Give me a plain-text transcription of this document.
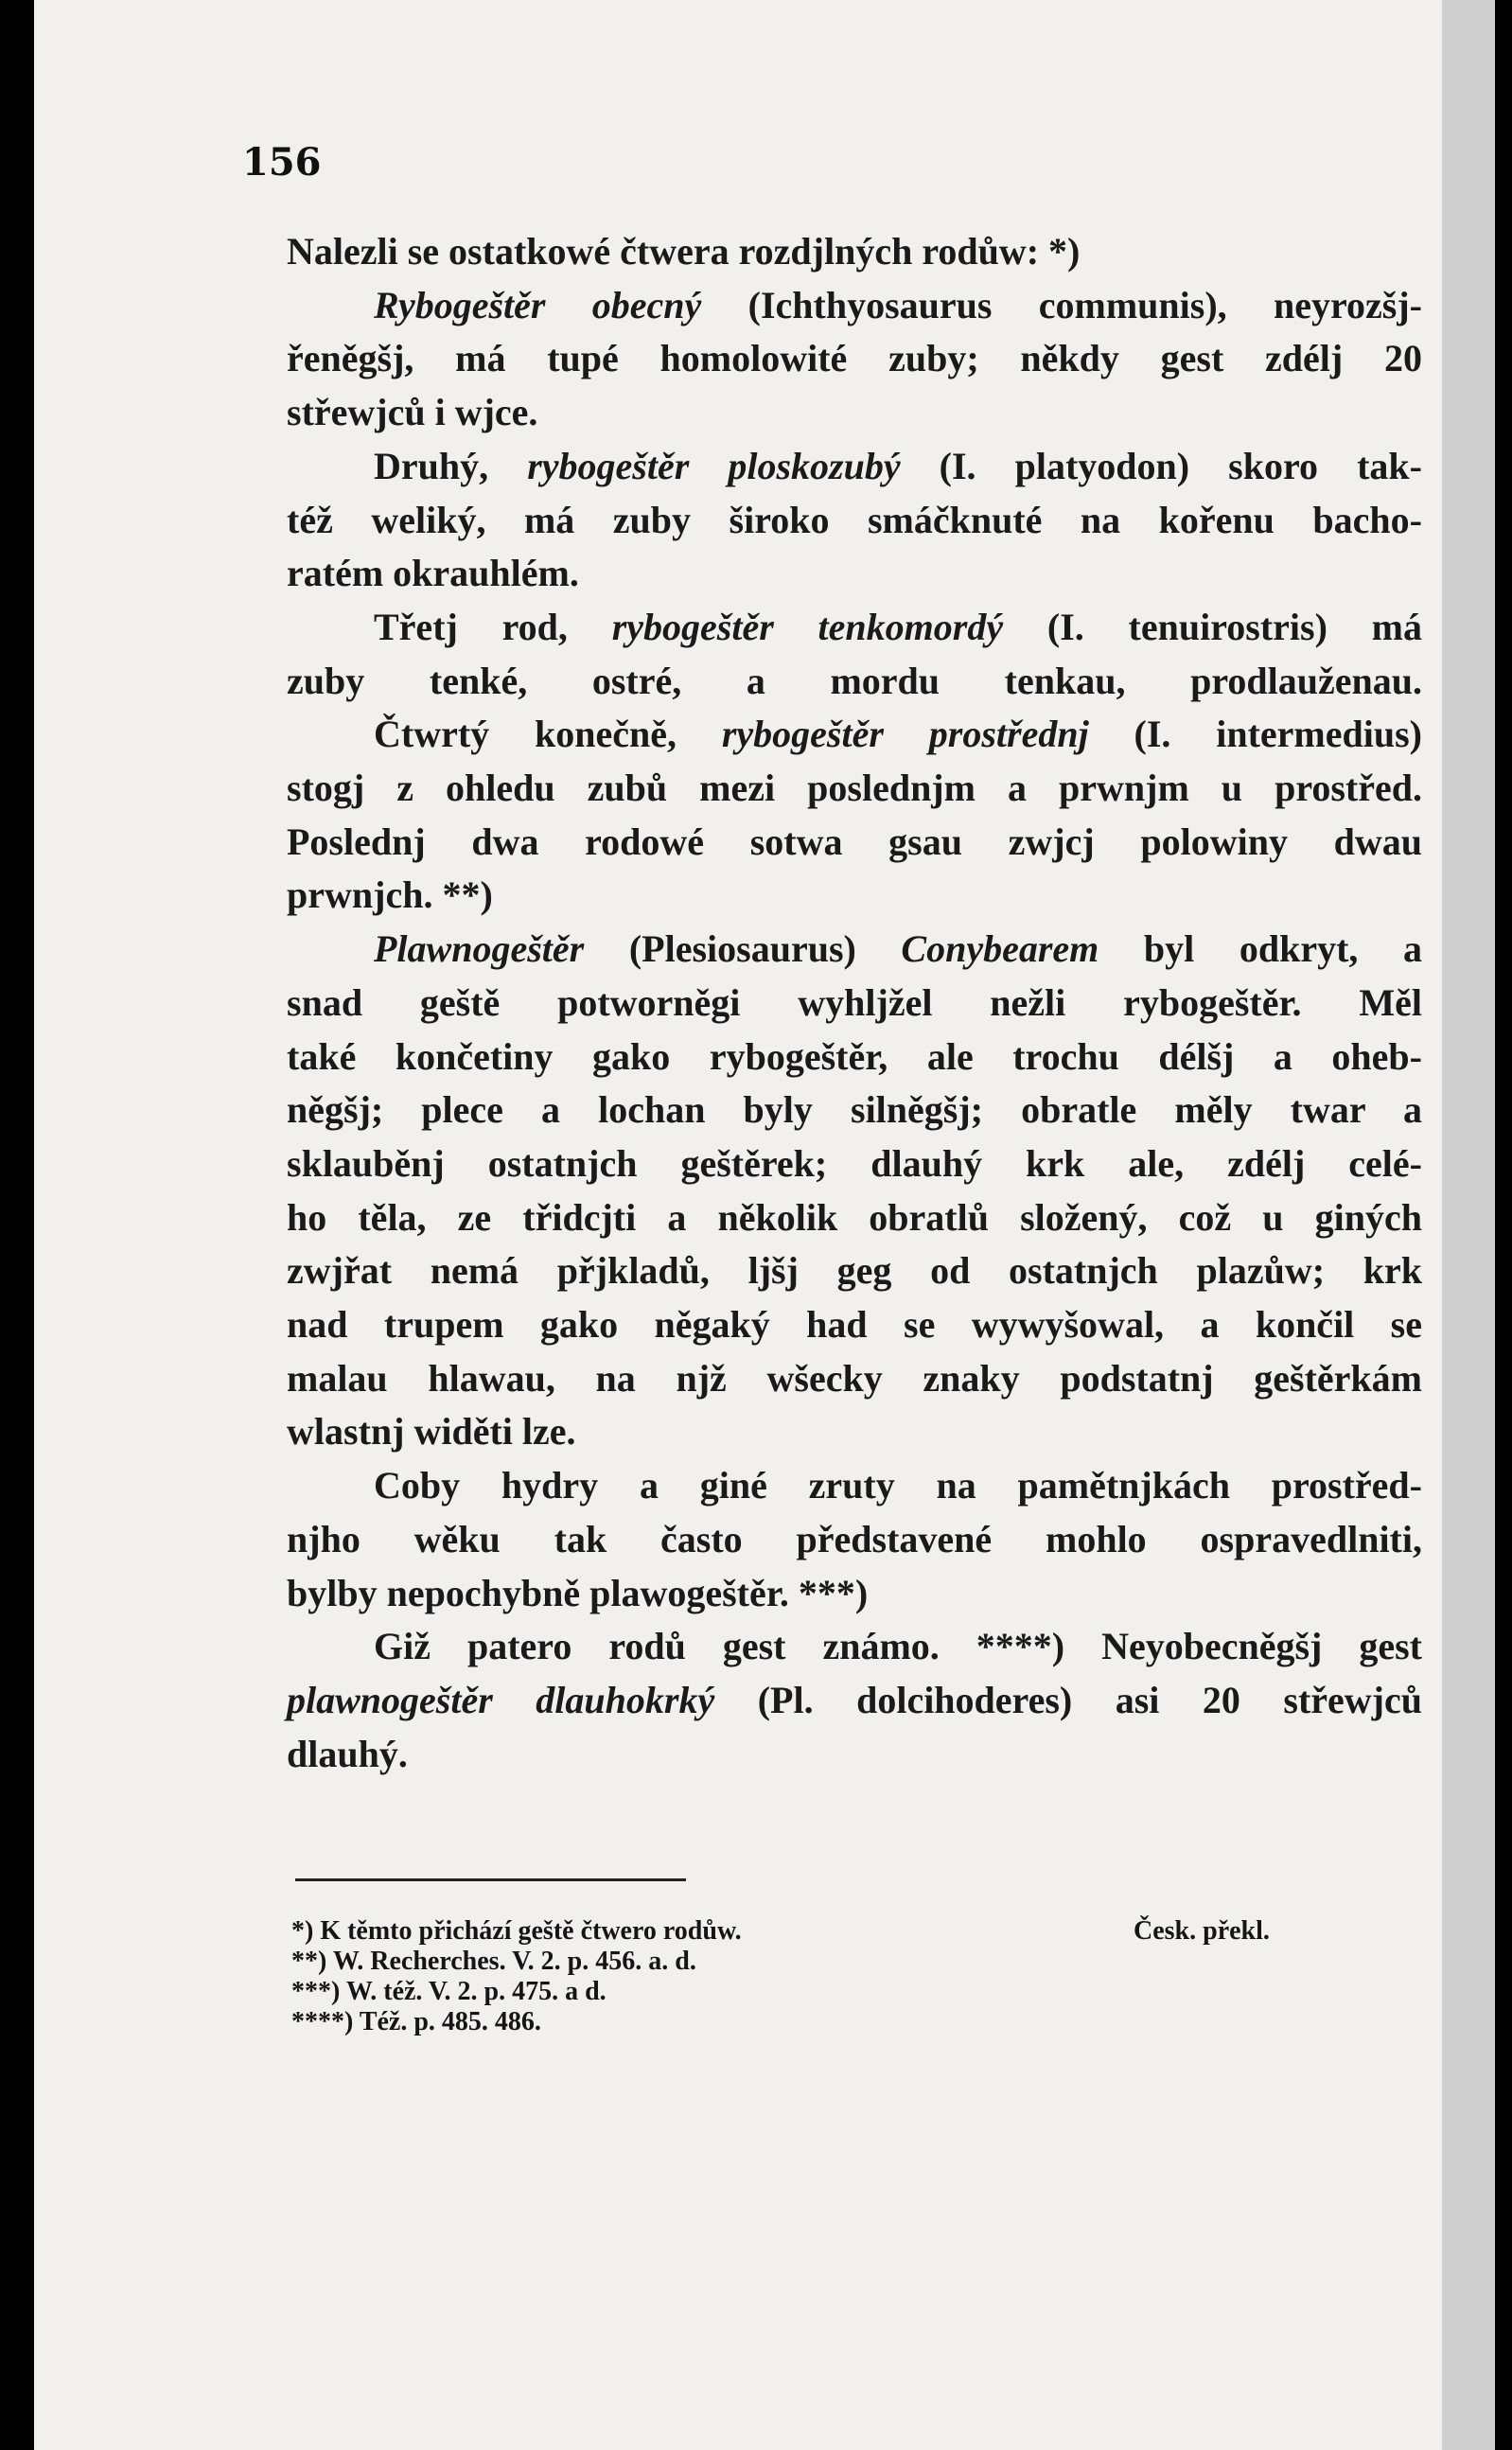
156
Nalezli se ostatkowé čtwera rozdjlných rodůw: *)
Rybogeštěr obecný (Ichthyosaurus communis), neyrozšj-
řeněgšj, má tupé homolowité zuby; někdy gest zdélj 20
střewjců i wjce.
Druhý, rybogeštěr ploskozubý (I. platyodon) skoro tak-
též weliký, má zuby široko smáčknuté na kořenu bacho-
ratém okrauhlém.
Třetj rod, rybogeštěr tenkomordý (I. tenuirostris) má
zuby tenké, ostré, a mordu tenkau, prodlauženau.
Čtwrtý konečně, rybogeštěr prostřednj (I. intermedius)
stogj z ohledu zubů mezi poslednjm a prwnjm u prostřed.
Poslednj dwa rodowé sotwa gsau zwjcj polowiny dwau
prwnjch. **)
Plawnogeštěr (Plesiosaurus) Conybearem byl odkryt, a
snad geště potworněgi wyhljžel nežli rybogeštěr. Měl
také končetiny gako rybogeštěr, ale trochu délšj a oheb-
něgšj; plece a lochan byly silněgšj; obratle měly twar a
sklauběnj ostatnjch geštěrek; dlauhý krk ale, zdélj celé-
ho těla, ze třidcjti a několik obratlů složený, což u giných
zwjřat nemá přjkladů, ljšj geg od ostatnjch plazůw; krk
nad trupem gako něgaký had se wywyšowal, a končil se
malau hlawau, na njž wšecky znaky podstatnj geštěrkám
wlastnj widěti lze.
Coby hydry a giné zruty na pamětnjkách prostřed-
njho wěku tak často představené mohlo ospravedlniti,
bylby nepochybně plawogeštěr. ***)
Giž patero rodů gest známo. ****) Neyobecněgšj gest
plawnogeštěr dlauhokrký (Pl. dolcihoderes) asi 20 střewjců
dlauhý.
*) K těmto přichází geště čtwero rodůw.
**) W. Recherches. V. 2. p. 456. a. d.
***) W. též. V. 2. p. 475. a d.
****) Též. p. 485. 486.
Česk. překl.
